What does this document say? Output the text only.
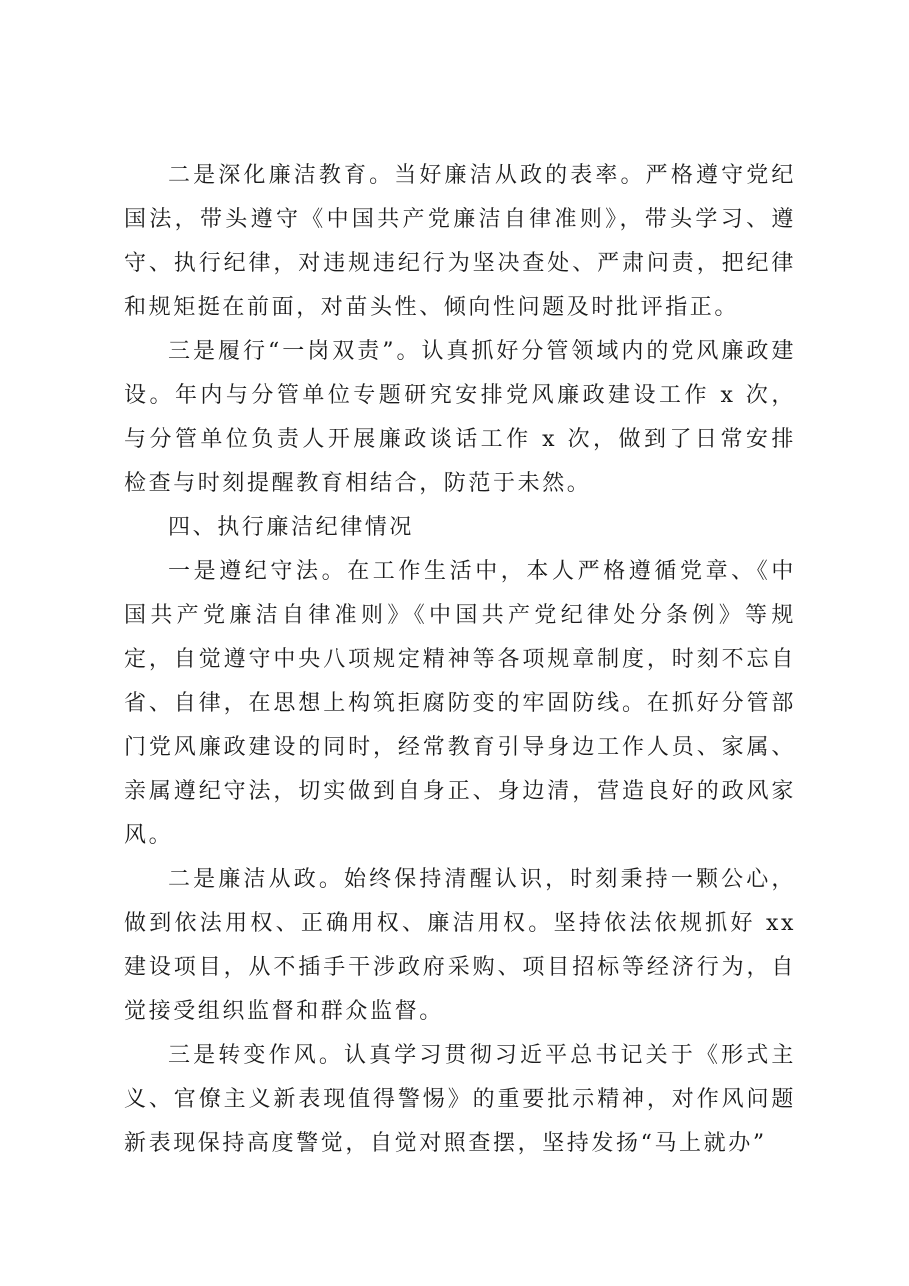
二是深化廉洁教育。当好廉洁从政的表率。严格遵守党纪国法，带头遵守《中国共产党廉洁自律准则》，带头学习、遵守、执行纪律，对违规违纪行为坚决查处、严肃问责，把纪律和规矩挺在前面，对苗头性、倾向性问题及时批评指正。

三是履行“一岗双责”。认真抓好分管领域内的党风廉政建设。年内与分管单位专题研究安排党风廉政建设工作 x 次，与分管单位负责人开展廉政谈话工作 x 次，做到了日常安排检查与时刻提醒教育相结合，防范于未然。

四、执行廉洁纪律情况

一是遵纪守法。在工作生活中，本人严格遵循党章、《中国共产党廉洁自律准则》《中国共产党纪律处分条例》等规定，自觉遵守中央八项规定精神等各项规章制度，时刻不忘自省、自律，在思想上构筑拒腐防变的牢固防线。在抓好分管部门党风廉政建设的同时，经常教育引导身边工作人员、家属、亲属遵纪守法，切实做到自身正、身边清，营造良好的政风家风。

二是廉洁从政。始终保持清醒认识，时刻秉持一颗公心，做到依法用权、正确用权、廉洁用权。坚持依法依规抓好 xx 建设项目，从不插手干涉政府采购、项目招标等经济行为，自觉接受组织监督和群众监督。

三是转变作风。认真学习贯彻习近平总书记关于《形式主义、官僚主义新表现值得警惕》的重要批示精神，对作风问题新表现保持高度警觉，自觉对照查摆，坚持发扬“马上就办”
